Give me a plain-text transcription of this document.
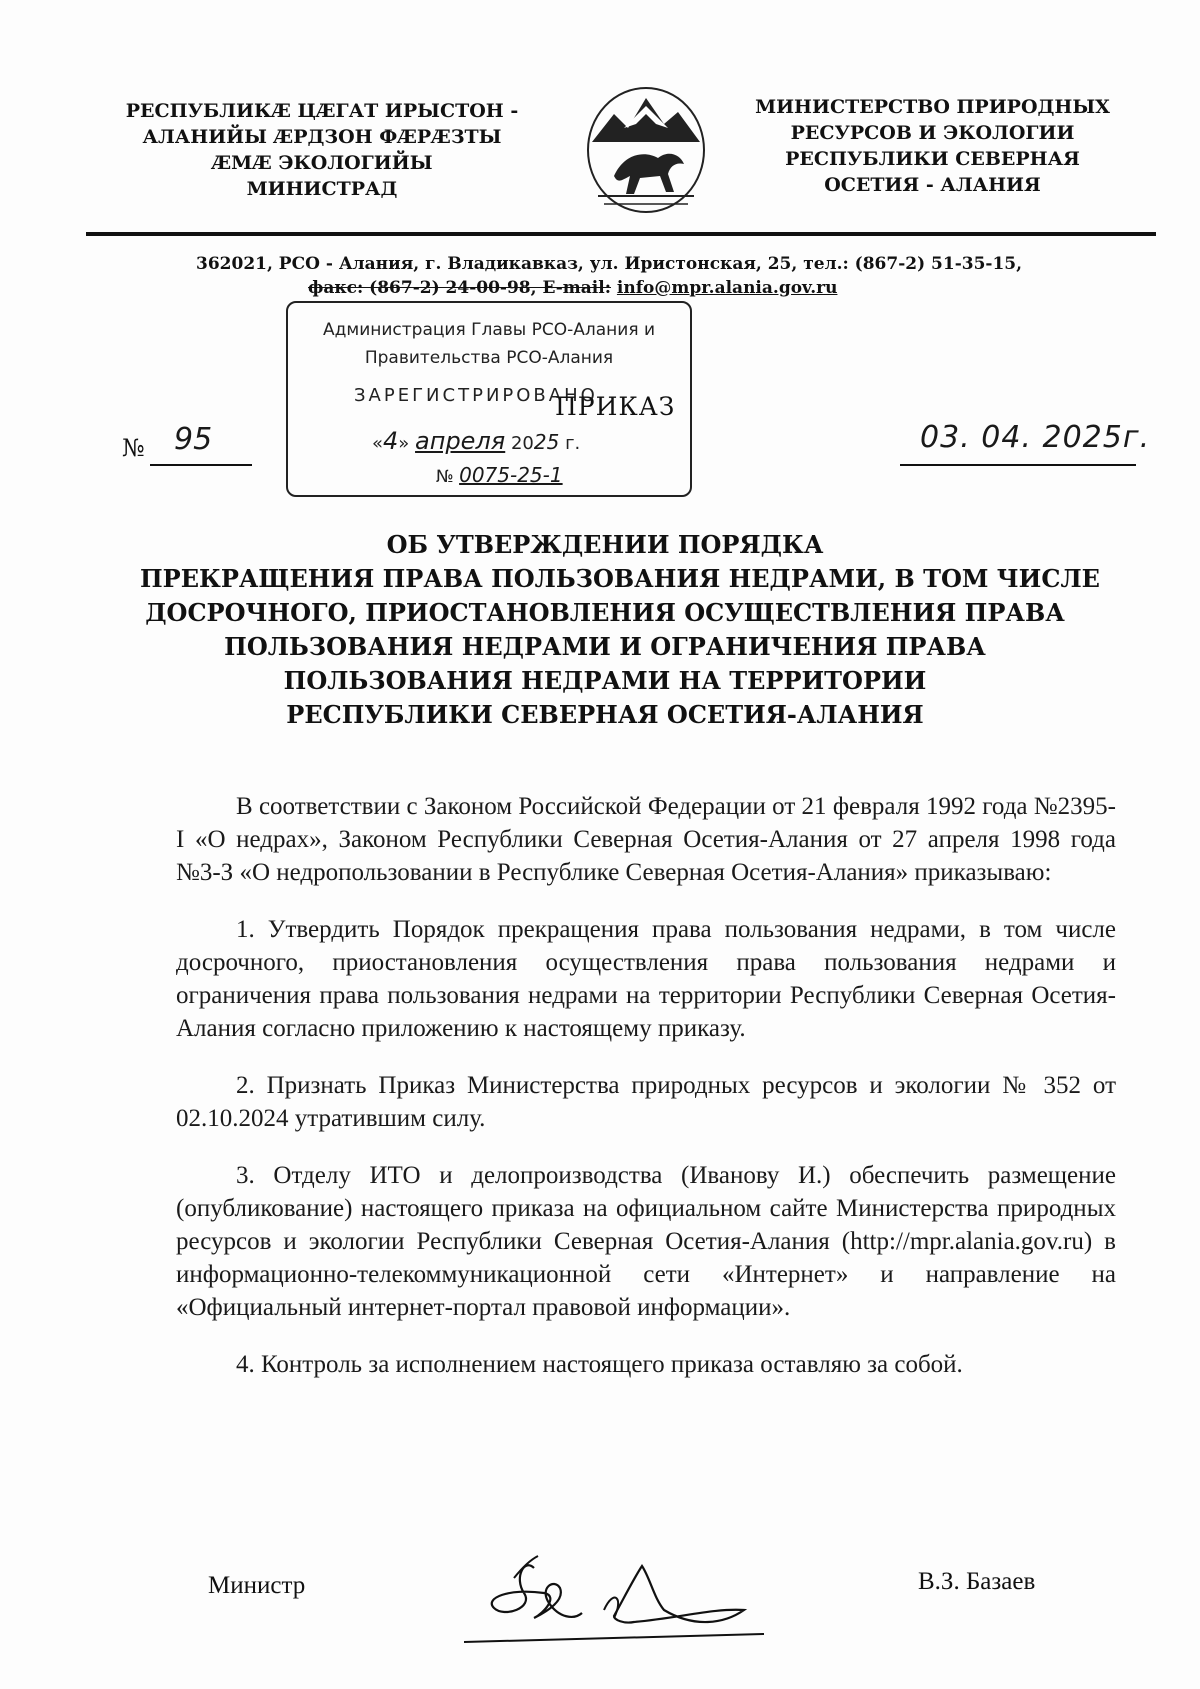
РЕСПУБЛИКÆ ЦÆГАТ ИРЫСТОН -
АЛАНИЙЫ ÆРДЗОН ФÆРÆЗТЫ
ÆМÆ ЭКОЛОГИЙЫ
МИНИСТРАД
МИНИСТЕРСТВО ПРИРОДНЫХ
РЕСУРСОВ И ЭКОЛОГИИ
РЕСПУБЛИКИ СЕВЕРНАЯ
ОСЕТИЯ - АЛАНИЯ
362021, РСО - Алания, г. Владикавказ, ул. Иристонская, 25, тел.: (867-2) 51-35-15,
факс: (867-2) 24-00-98, E-mail: info@mpr.alania.gov.ru
Администрация Главы РСО-Алания и
Правительства РСО-Алания
ЗАРЕГИСТРИРОВАНО
«4» апреля 2025 г.
№ 0075-25-1
ПРИКАЗ
№ 95	03. 04. 2025г.
ОБ УТВЕРЖДЕНИИ ПОРЯДКА
ПРЕКРАЩЕНИЯ ПРАВА ПОЛЬЗОВАНИЯ НЕДРАМИ, В ТОМ ЧИСЛЕ
ДОСРОЧНОГО, ПРИОСТАНОВЛЕНИЯ ОСУЩЕСТВЛЕНИЯ ПРАВА
ПОЛЬЗОВАНИЯ НЕДРАМИ И ОГРАНИЧЕНИЯ ПРАВА
ПОЛЬЗОВАНИЯ НЕДРАМИ НА ТЕРРИТОРИИ
РЕСПУБЛИКИ СЕВЕРНАЯ ОСЕТИЯ-АЛАНИЯ

В соответствии с Законом Российской Федерации от 21 февраля 1992 года №2395-I «О недрах», Законом Республики Северная Осетия-Алания от 27 апреля 1998 года №3-З «О недропользовании в Республике Северная Осетия-Алания» приказываю:

1. Утвердить Порядок прекращения права пользования недрами, в том числе досрочного, приостановления осуществления права пользования недрами и ограничения права пользования недрами на территории Республики Северная Осетия-Алания согласно приложению к настоящему приказу.

2. Признать Приказ Министерства природных ресурсов и экологии № 352 от 02.10.2024 утратившим силу.

3. Отделу ИТО и делопроизводства (Иванову И.) обеспечить размещение (опубликование) настоящего приказа на официальном сайте Министерства природных ресурсов и экологии Республики Северная Осетия-Алания (http://mpr.alania.gov.ru) в информационно-телекоммуникационной сети «Интернет» и направление на «Официальный интернет-портал правовой информации».

4. Контроль за исполнением настоящего приказа оставляю за собой.

Министр	В.З. Базаев
